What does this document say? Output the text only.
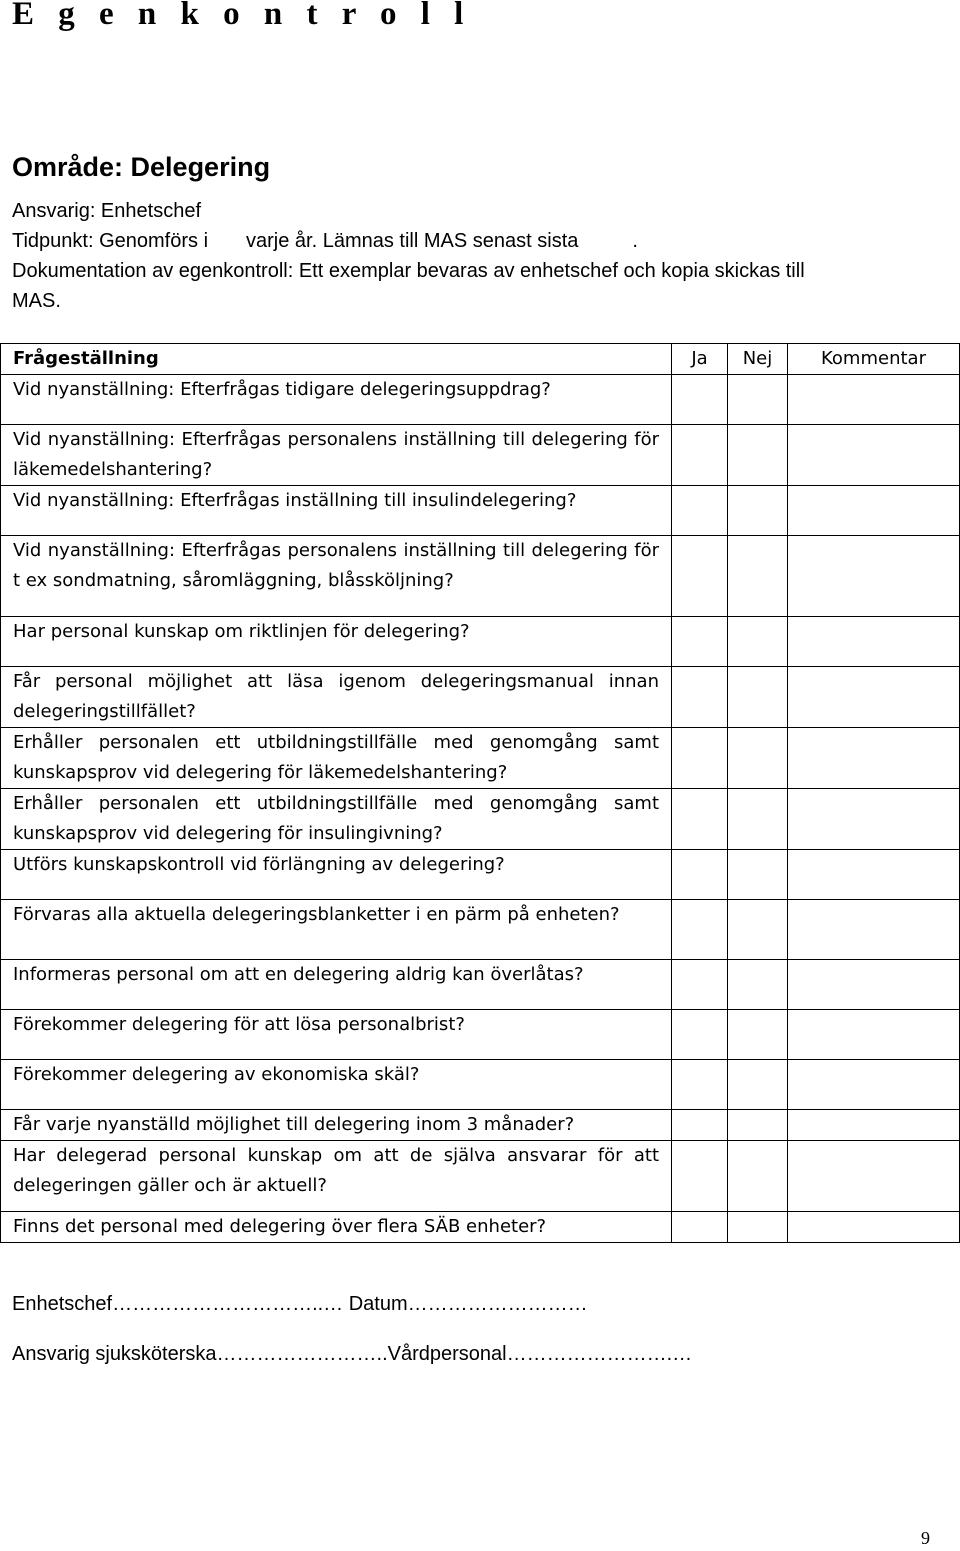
E g e n k o n t r o l l
Område: Delegering
Ansvarig: Enhetschef
Tidpunkt: Genomförs i varje år. Lämnas till MAS senast sista	.
Dokumentation av egenkontroll: Ett exemplar bevaras av enhetschef och kopia skickas till
MAS.
Frågeställning	Ja	Nej	Kommentar

Vid nyanställning: Efterfrågas tidigare delegeringsuppdrag?			

Vid nyanställning: Efterfrågas personalens inställning till delegering för läkemedelshantering?			

Vid nyanställning: Efterfrågas inställning till insulindelegering?			

Vid nyanställning: Efterfrågas personalens inställning till delegering för t ex sondmatning, såromläggning, blåssköljning?			

Har personal kunskap om riktlinjen för delegering?			

Får personal möjlighet att läsa igenom delegeringsmanual innan delegeringstillfället?			

Erhåller personalen ett utbildningstillfälle med genomgång samt kunskapsprov vid delegering för läkemedelshantering?			

Erhåller personalen ett utbildningstillfälle med genomgång samt kunskapsprov vid delegering för insulingivning?			

Utförs kunskapskontroll vid förlängning av delegering?			

Förvaras alla aktuella delegeringsblanketter i en pärm på enheten?			

Informeras personal om att en delegering aldrig kan överlåtas?			

Förekommer delegering för att lösa personalbrist?			

Förekommer delegering av ekonomiska skäl?			

Får varje nyanställd möjlighet till delegering inom 3 månader?			

Har delegerad personal kunskap om att de själva ansvarar för att delegeringen gäller och är aktuell?			

Finns det personal med delegering över flera SÄB enheter?			

Enhetschef…………………………..… Datum………………………
Ansvarig sjuksköterska……………………..Vårdpersonal…………………….…
9
